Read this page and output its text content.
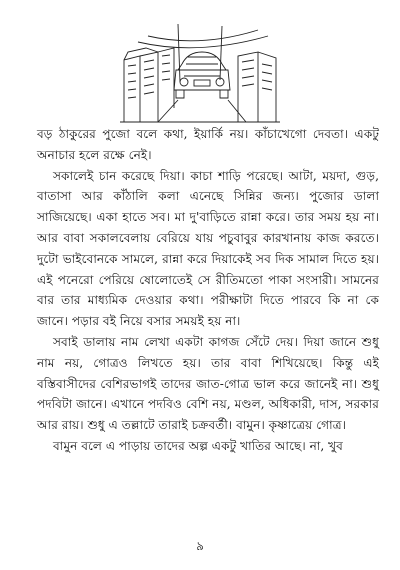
বড় ঠাকুরের পুজো বলে কথা, ইয়ার্কি নয়। কাঁচাখেগো দেবতা। একটু অনাচার হলে রক্ষে নেই।

সকালেই চান করেছে দিয়া। কাচা শাড়ি পরেছে। আটা, ময়দা, গুড়, বাতাসা আর কাঁঠালি কলা এনেছে সিন্নির জন্য। পুজোর ডালা সাজিয়েছে। একা হাতে সব। মা দু'বাড়িতে রান্না করে। তার সময় হয় না। আর বাবা সকালবেলায় বেরিয়ে যায় পচুবাবুর কারখানায় কাজ করতে। দুটো ভাইবোনকে সামলে, রান্না করে দিয়াকেই সব দিক সামাল দিতে হয়। এই পনেরো পেরিয়ে ষোলোতেই সে রীতিমতো পাকা সংসারী। সামনের বার তার মাধ্যমিক দেওয়ার কথা। পরীক্ষাটা দিতে পারবে কি না কে জানে। পড়ার বই নিয়ে বসার সময়ই হয় না।

সবাই ডালায় নাম লেখা একটা কাগজ সেঁটে দেয়। দিয়া জানে শুধু নাম নয়, গোত্রও লিখতে হয়। তার বাবা শিখিয়েছে। কিন্তু এই বস্তিবাসীদের বেশিরভাগই তাদের জাত-গোত্র ভাল করে জানেই না। শুধু পদবিটা জানে। এখানে পদবিও বেশি নয়, মণ্ডল, অধিকারী, দাস, সরকার আর রায়। শুধু এ তল্লাটে তারাই চক্রবর্তী। বামুন। কৃষ্ণাত্রেয় গোত্র।

বামুন বলে এ পাড়ায় তাদের অল্প একটু খাতির আছে। না, খুব

৯
